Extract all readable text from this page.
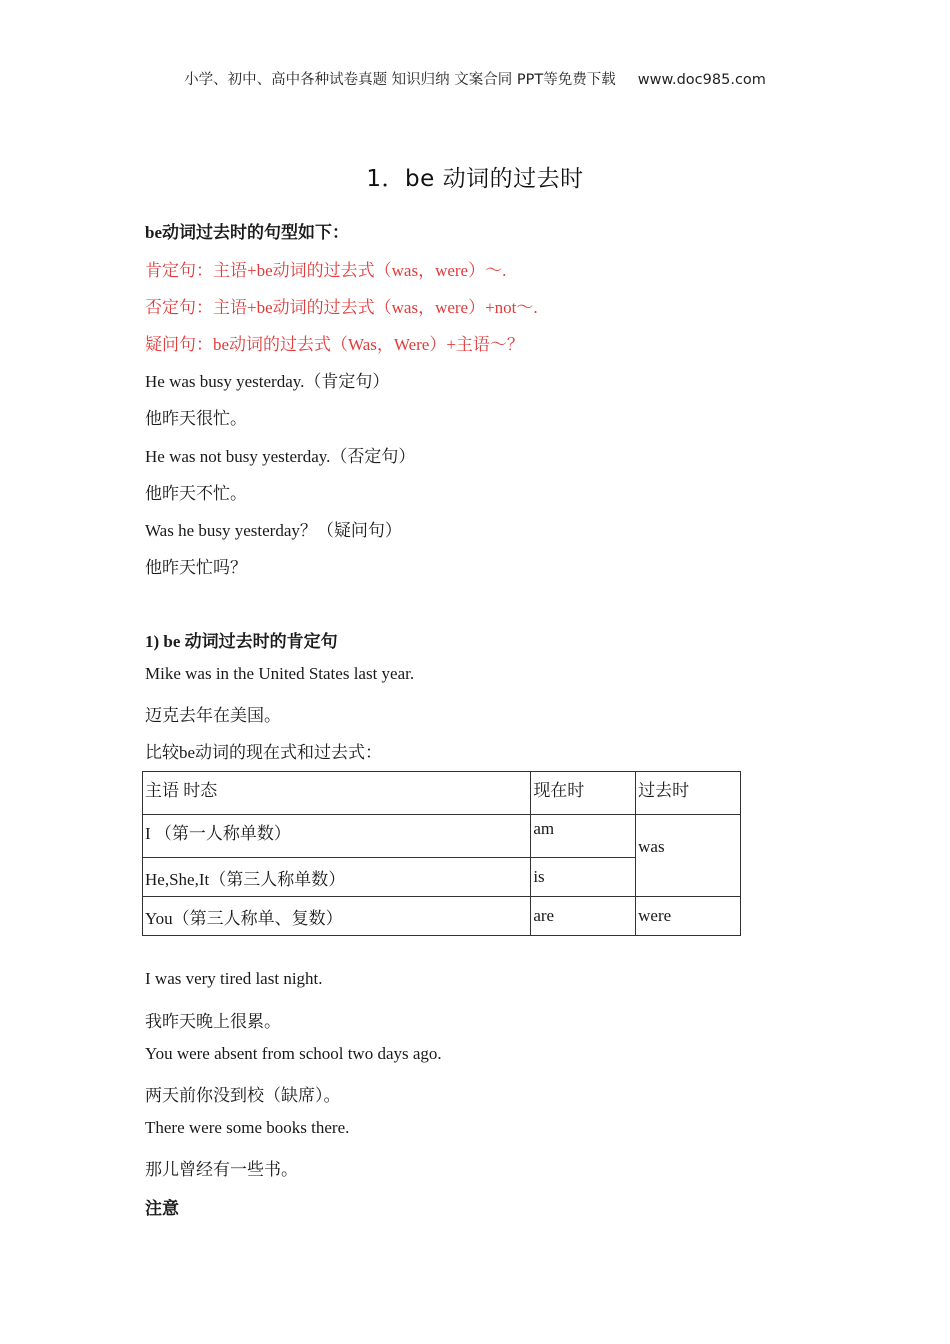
小学、初中、高中各种试卷真题 知识归纳 文案合同 PPT等免费下载 www.doc985.com
1．be 动词的过去时
be动词过去时的句型如下：
肯定句：主语+be动词的过去式（was，were）～.
否定句：主语+be动词的过去式（was，were）+not～.
疑问句：be动词的过去式（Was，Were）+主语～？
He was busy yesterday.（肯定句）
他昨天很忙。
He was not busy yesterday.（否定句）
他昨天不忙。
Was he busy yesterday？（疑问句）
他昨天忙吗？
1) be 动词过去时的肯定句
Mike was in the United States last year.
迈克去年在美国。
比较be动词的现在式和过去式：
主语 时态	现在时	过去时
I （第一人称单数）	am	was
He,She,It（第三人称单数）	is	
You（第三人称单、复数）	are	were
I was very tired last night.
我昨天晚上很累。
You were absent from school two days ago.
两天前你没到校（缺席）。
There were some books there.
那儿曾经有一些书。
注意
